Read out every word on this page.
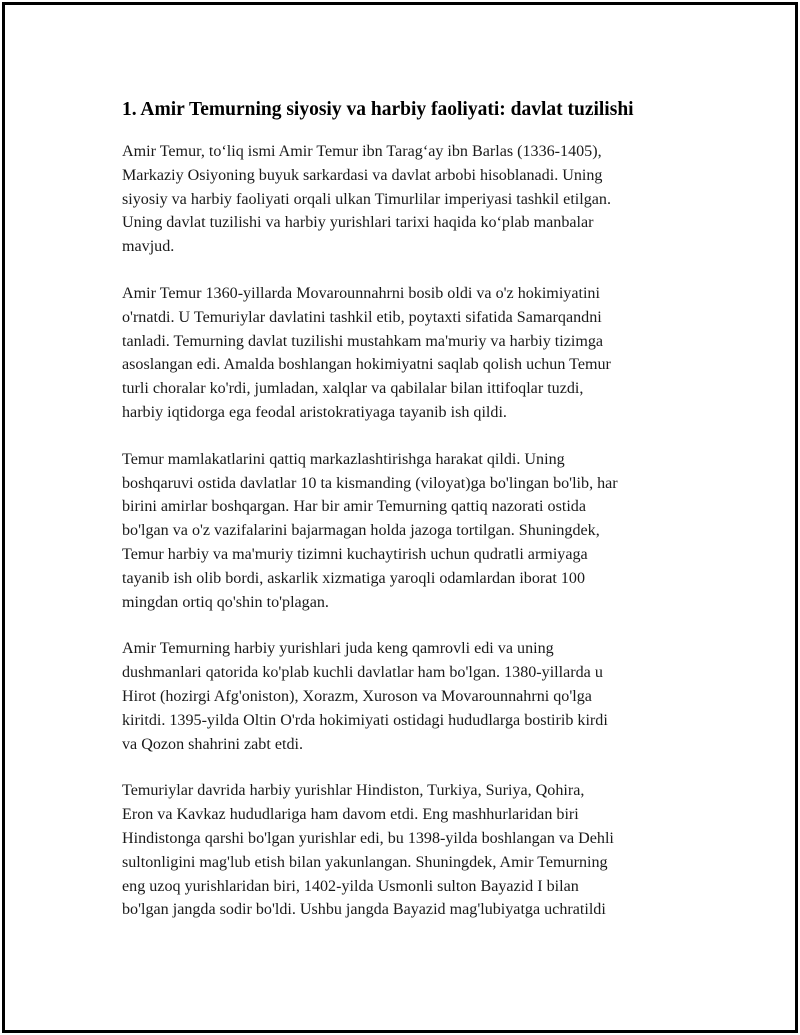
1. Amir Temurning siyosiy va harbiy faoliyati: davlat tuzilishi
Amir Temur, to‘liq ismi Amir Temur ibn Tarag‘ay ibn Barlas (1336-1405),
Markaziy Osiyoning buyuk sarkardasi va davlat arbobi hisoblanadi. Uning
siyosiy va harbiy faoliyati orqali ulkan Timurlilar imperiyasi tashkil etilgan.
Uning davlat tuzilishi va harbiy yurishlari tarixi haqida ko‘plab manbalar
mavjud.
Amir Temur 1360-yillarda Movarounnahrni bosib oldi va o'z hokimiyatini
o'rnatdi. U Temuriylar davlatini tashkil etib, poytaxti sifatida Samarqandni
tanladi. Temurning davlat tuzilishi mustahkam ma'muriy va harbiy tizimga
asoslangan edi. Amalda boshlangan hokimiyatni saqlab qolish uchun Temur
turli choralar ko'rdi, jumladan, xalqlar va qabilalar bilan ittifoqlar tuzdi,
harbiy iqtidorga ega feodal aristokratiyaga tayanib ish qildi.
Temur mamlakatlarini qattiq markazlashtirishga harakat qildi. Uning
boshqaruvi ostida davlatlar 10 ta kismanding (viloyat)ga bo'lingan bo'lib, har
birini amirlar boshqargan. Har bir amir Temurning qattiq nazorati ostida
bo'lgan va o'z vazifalarini bajarmagan holda jazoga tortilgan. Shuningdek,
Temur harbiy va ma'muriy tizimni kuchaytirish uchun qudratli armiyaga
tayanib ish olib bordi, askarlik xizmatiga yaroqli odamlardan iborat 100
mingdan ortiq qo'shin to'plagan.
Amir Temurning harbiy yurishlari juda keng qamrovli edi va uning
dushmanlari qatorida ko'plab kuchli davlatlar ham bo'lgan. 1380-yillarda u
Hirot (hozirgi Afg'oniston), Xorazm, Xuroson va Movarounnahrni qo'lga
kiritdi. 1395-yilda Oltin O'rda hokimiyati ostidagi hududlarga bostirib kirdi
va Qozon shahrini zabt etdi.
Temuriylar davrida harbiy yurishlar Hindiston, Turkiya, Suriya, Qohira,
Eron va Kavkaz hududlariga ham davom etdi. Eng mashhurlaridan biri
Hindistonga qarshi bo'lgan yurishlar edi, bu 1398-yilda boshlangan va Dehli
sultonligini mag'lub etish bilan yakunlangan. Shuningdek, Amir Temurning
eng uzoq yurishlaridan biri, 1402-yilda Usmonli sulton Bayazid I bilan
bo'lgan jangda sodir bo'ldi. Ushbu jangda Bayazid mag'lubiyatga uchratildi
